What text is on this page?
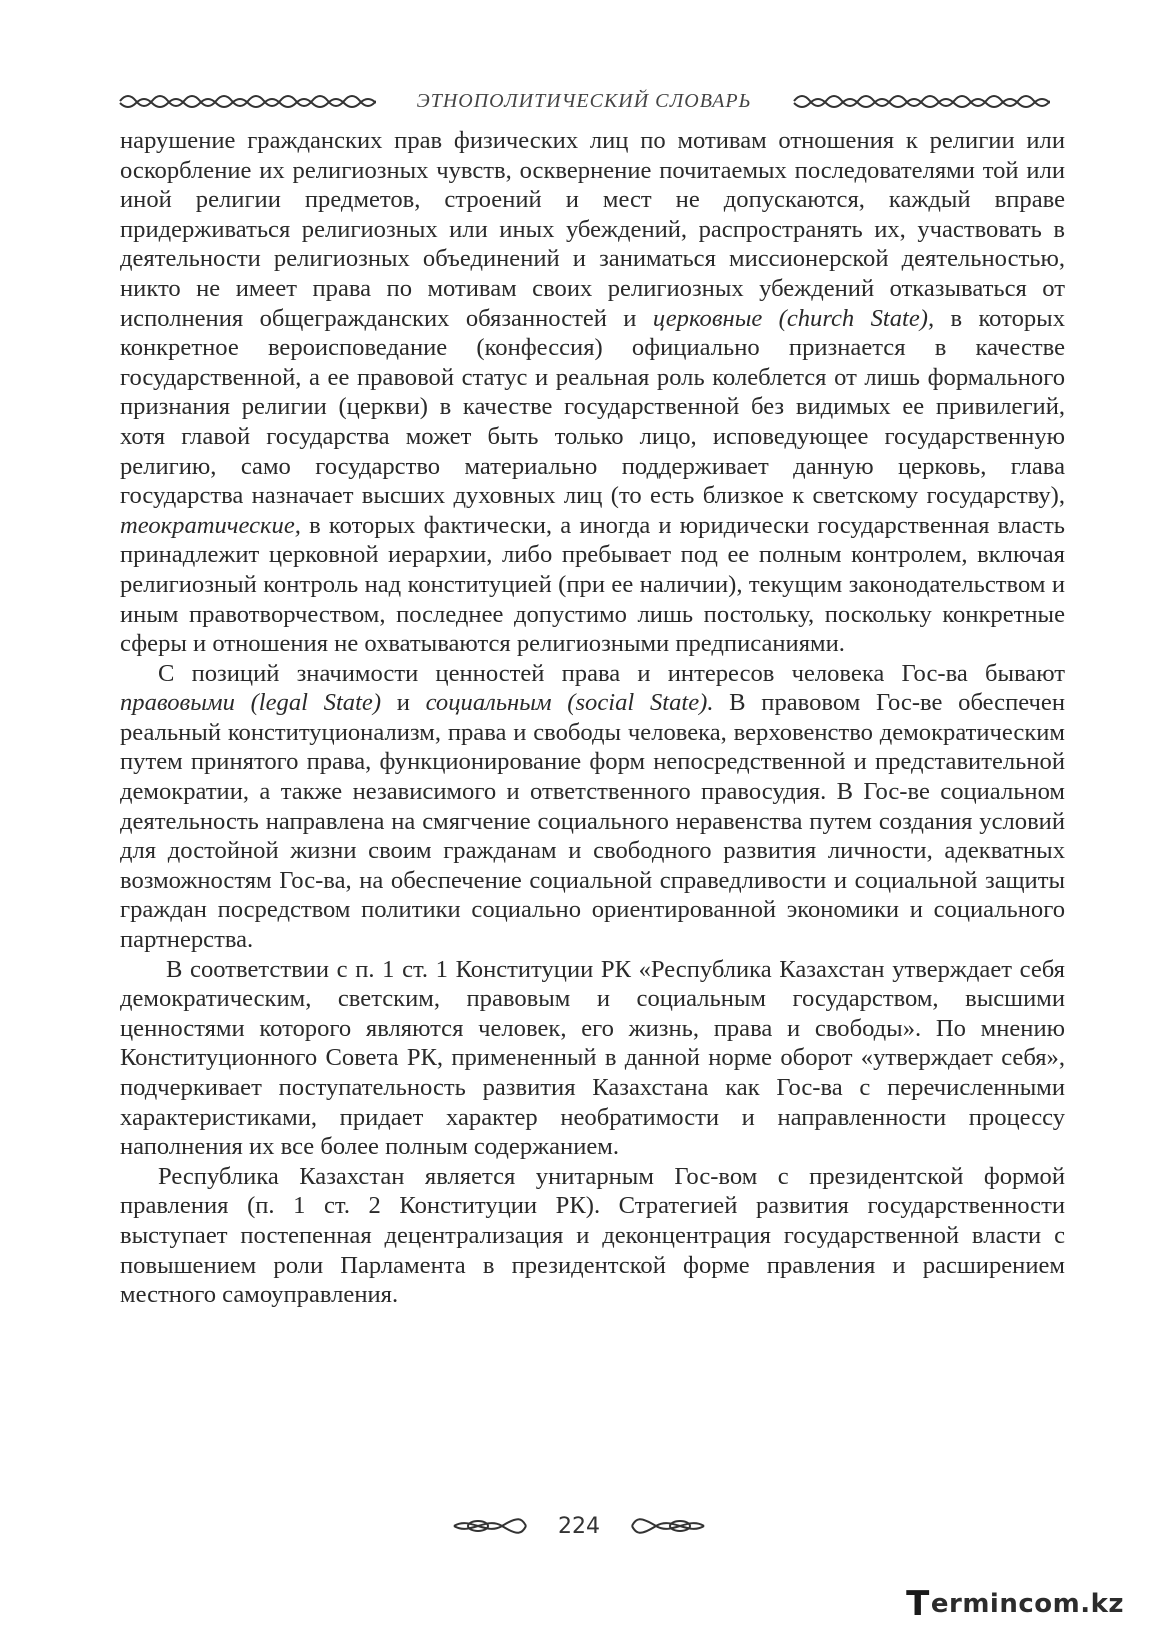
ЭТНОПОЛИТИЧЕСКИЙ СЛОВАРЬ

нарушение гражданских прав физических лиц по мотивам отношения к религии или оскорбление их религиозных чувств, осквернение почитаемых последователями той или иной религии предметов, строений и мест не допускаются, каждый вправе придерживаться религиозных или иных убеждений, распространять их, участвовать в деятельности религиозных объединений и заниматься миссионерской деятельностью, никто не имеет права по мотивам своих религиозных убеждений отказываться от исполнения общегражданских обязанностей и церковные (church State), в которых конкретное вероисповедание (конфессия) официально признается в качестве государственной, а ее правовой статус и реальная роль колеблется от лишь формального признания религии (церкви) в качестве государственной без видимых ее привилегий, хотя главой государства может быть только лицо, исповедующее государственную религию, само государство материально поддерживает данную церковь, глава государства назначает высших духовных лиц (то есть близкое к светскому государству), теократические, в которых фактически, а иногда и юридически государственная власть принадлежит церковной иерархии, либо пребывает под ее полным контролем, включая религиозный контроль над конституцией (при ее наличии), текущим законодательством и иным правотворчеством, последнее допустимо лишь постольку, поскольку конкретные сферы и отношения не охватываются религиозными предписаниями.

С позиций значимости ценностей права и интересов человека Гос-ва бывают правовыми (legal State) и социальным (social State). В правовом Гос-ве обеспечен реальный конституционализм, права и свободы человека, верховенство демократическим путем принятого права, функционирование форм непосредственной и представительной демократии, а также независимого и ответственного правосудия. В Гос-ве социальном деятельность направлена на смягчение социального неравенства путем создания условий для достойной жизни своим гражданам и свободного развития личности, адекватных возможностям Гос-ва, на обеспечение социальной справедливости и социальной защиты граждан посредством политики социально ориентированной экономики и социального партнерства.

В соответствии с п. 1 ст. 1 Конституции РК «Республика Казахстан утверждает себя демократическим, светским, правовым и социальным государством, высшими ценностями которого являются человек, его жизнь, права и свободы». По мнению Конституционного Совета РК, примененный в данной норме оборот «утверждает себя», подчеркивает поступательность развития Казахстана как Гос-ва с перечисленными характеристиками, придает характер необратимости и направленности процессу наполнения их все более полным содержанием.

Республика Казахстан является унитарным Гос-вом с президентской формой правления (п. 1 ст. 2 Конституции РК). Стратегией развития государственности выступает постепенная децентрализация и деконцентрация государственной власти с повышением роли Парламента в президентской форме правления и расширением местного самоуправления.

224
T ermincom.kz
